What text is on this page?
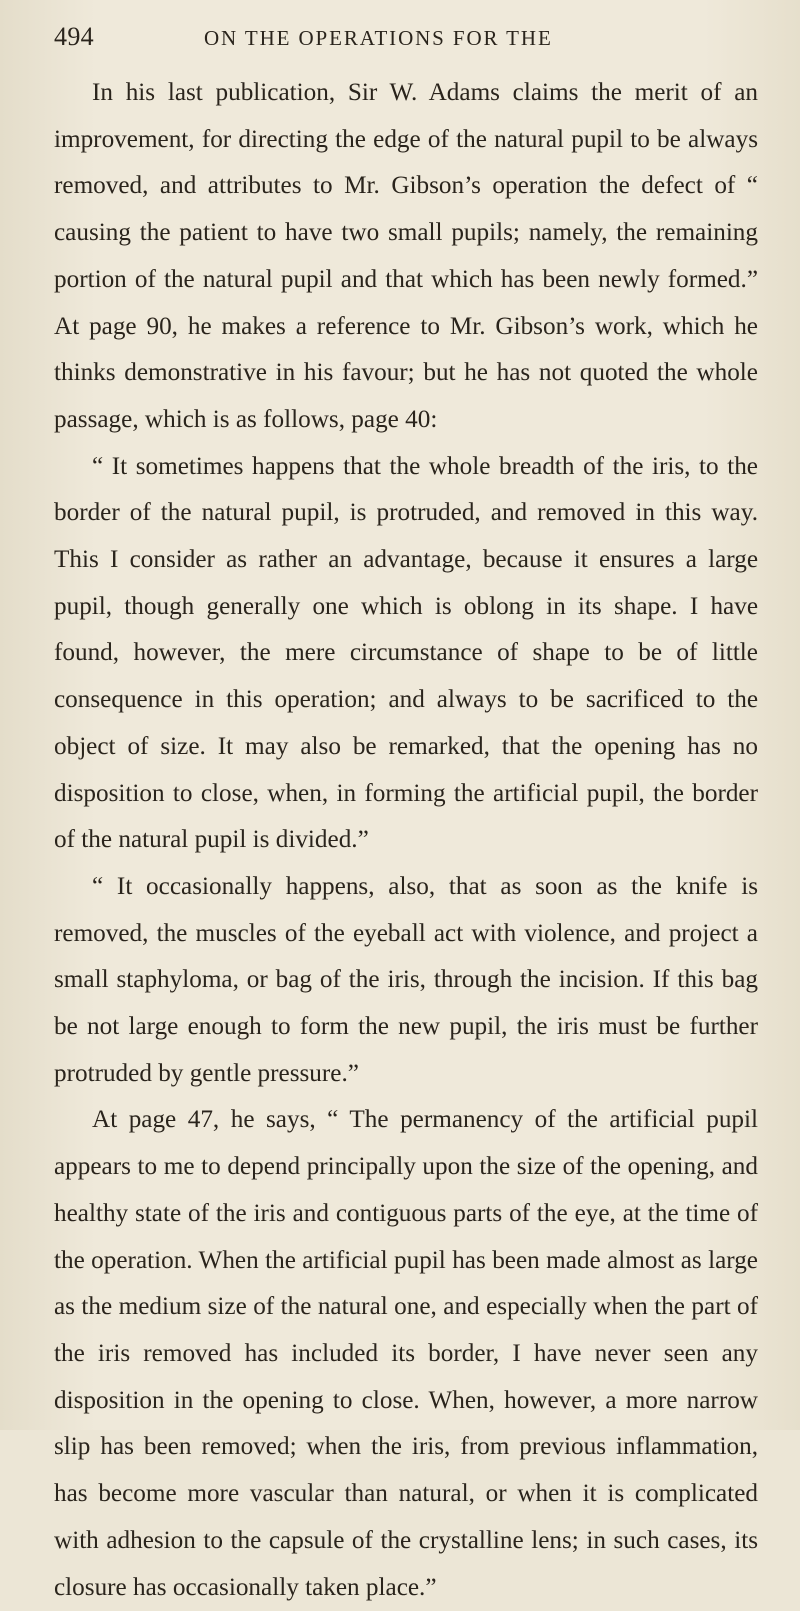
494	ON THE OPERATIONS FOR THE

In his last publication, Sir W. Adams claims the merit of an improvement, for directing the edge of the natural pupil to be always removed, and attributes to Mr. Gibson’s operation the defect of “ causing the patient to have two small pupils; namely, the remaining portion of the natural pupil and that which has been newly formed.” At page 90, he makes a reference to Mr. Gibson’s work, which he thinks demonstrative in his favour; but he has not quoted the whole passage, which is as follows, page 40:

“ It sometimes happens that the whole breadth of the iris, to the border of the natural pupil, is protruded, and removed in this way. This I consider as rather an advantage, because it ensures a large pupil, though generally one which is oblong in its shape. I have found, however, the mere circumstance of shape to be of little consequence in this operation; and always to be sacrificed to the object of size. It may also be remarked, that the opening has no disposition to close, when, in forming the artificial pupil, the border of the natural pupil is divided.”

“ It occasionally happens, also, that as soon as the knife is removed, the muscles of the eyeball act with violence, and project a small staphyloma, or bag of the iris, through the incision. If this bag be not large enough to form the new pupil, the iris must be further protruded by gentle pressure.”

At page 47, he says, “ The permanency of the artificial pupil appears to me to depend principally upon the size of the opening, and healthy state of the iris and contiguous parts of the eye, at the time of the operation. When the artificial pupil has been made almost as large as the medium size of the natural one, and especially when the part of the iris removed has included its border, I have never seen any disposition in the opening to close. When, however, a more narrow slip has been removed; when the iris, from previous inflammation, has become more vascular than natural, or when it is complicated with adhesion to the capsule of the crystalline lens; in such cases, its closure has occasionally taken place.”
